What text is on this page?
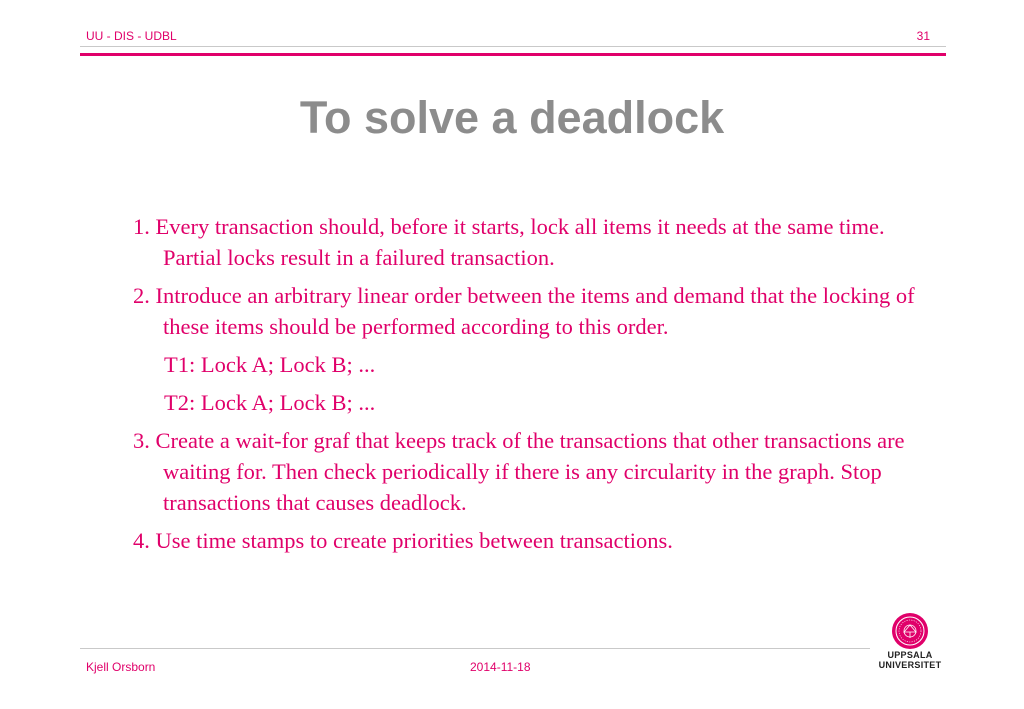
UU - DIS - UDBL	31
To solve a deadlock

1. Every transaction should, before it starts, lock all items it needs at the same time. Partial locks result in a failured transaction.

2. Introduce an arbitrary linear order between the items and demand that the locking of these items should be performed according to this order.

T1: Lock A; Lock B; ...

T2: Lock A; Lock B; ...

3. Create a wait-for graf that keeps track of the transactions that other transactions are waiting for. Then check periodically if there is any circularity in the graph. Stop transactions that causes deadlock.

4. Use time stamps to create priorities between transactions.

Kjell Orsborn	2014-11-18
UPPSALA
UNIVERSITET
